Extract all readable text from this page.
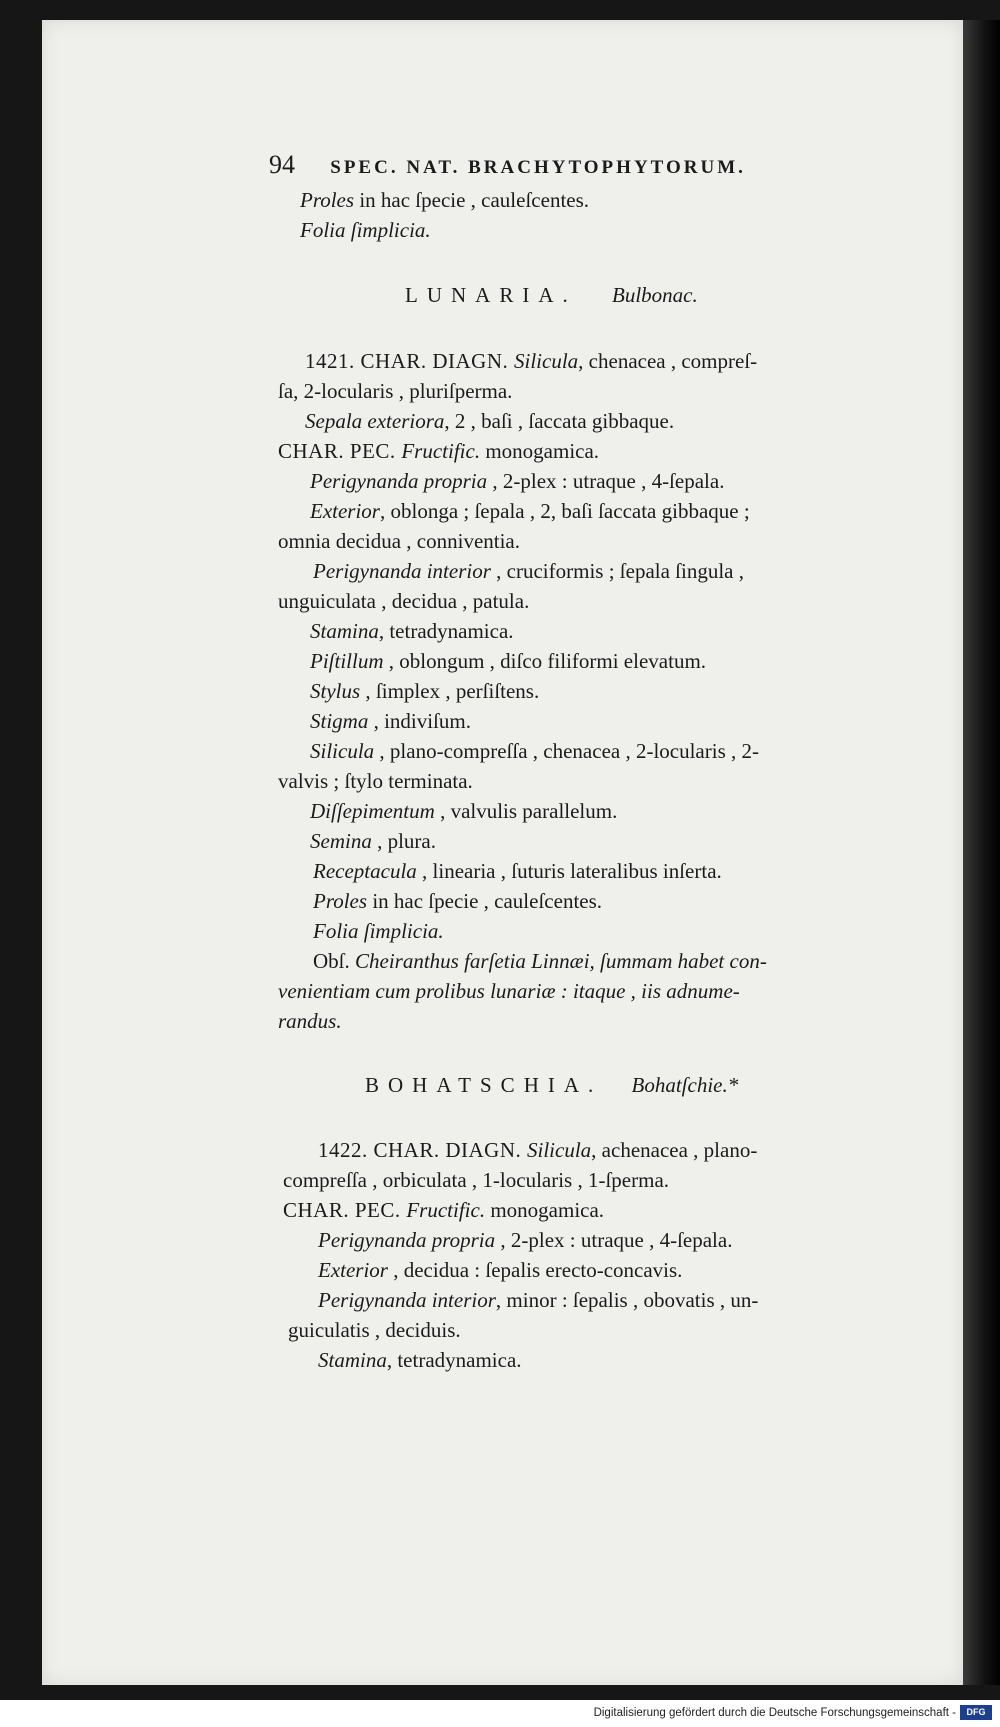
94 SPEC. NAT. BRACHYTOPHYTORUM.
Proles in hac ſpecie , cauleſcentes.
Folia ſimplicia.
LUNARIA. Bulbonac.
1421. CHAR. DIAGN. Silicula, chenacea , compreſ-
ſa, 2-locularis , pluriſperma.
Sepala exteriora, 2 , baſi , ſaccata gibbaque.
CHAR. PEC. Fructific. monogamica.
Perigynanda propria , 2-plex : utraque , 4-ſepala.
Exterior, oblonga ; ſepala , 2, baſi ſaccata gibbaque ;
omnia decidua , conniventia.
Perigynanda interior , cruciformis ; ſepala ſingula ,
unguiculata , decidua , patula.
Stamina, tetradynamica.
Piſtillum , oblongum , diſco filiformi elevatum.
Stylus , ſimplex , perſiſtens.
Stigma , indiviſum.
Silicula , plano-compreſſa , chenacea , 2-locularis , 2-
valvis ; ſtylo terminata.
Diſſepimentum , valvulis parallelum.
Semina , plura.
Receptacula , linearia , ſuturis lateralibus inſerta.
Proles in hac ſpecie , cauleſcentes.
Folia ſimplicia.
Obſ. Cheiranthus farſetia Linnæi, ſummam habet con-
venientiam cum prolibus lunariæ : itaque , iis adnume-
randus.
BOHATSCHIA. Bohatſchie.*
1422. CHAR. DIAGN. Silicula, achenacea , plano-
compreſſa , orbiculata , 1-locularis , 1-ſperma.
CHAR. PEC. Fructific. monogamica.
Perigynanda propria , 2-plex : utraque , 4-ſepala.
Exterior , decidua : ſepalis erecto-concavis.
Perigynanda interior, minor : ſepalis , obovatis , un-
guiculatis , deciduis.
Stamina, tetradynamica.
Digitalisierung gefördert durch die Deutsche Forschungsgemeinschaft -	DFG
